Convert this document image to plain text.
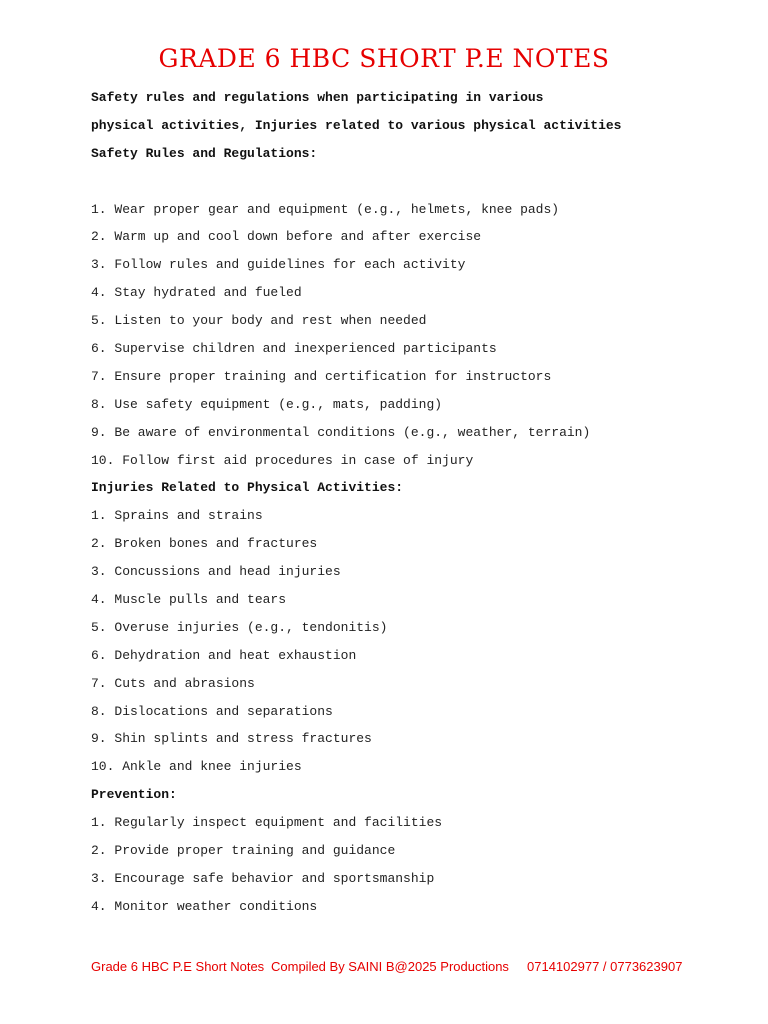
GRADE 6 HBC SHORT P.E NOTES
Safety rules and regulations when participating in various
physical activities, Injuries related to various physical activities
Safety Rules and Regulations:
1. Wear proper gear and equipment (e.g., helmets, knee pads)
2. Warm up and cool down before and after exercise
3. Follow rules and guidelines for each activity
4. Stay hydrated and fueled
5. Listen to your body and rest when needed
6. Supervise children and inexperienced participants
7. Ensure proper training and certification for instructors
8. Use safety equipment (e.g., mats, padding)
9. Be aware of environmental conditions (e.g., weather, terrain)
10. Follow first aid procedures in case of injury
Injuries Related to Physical Activities:
1. Sprains and strains
2. Broken bones and fractures
3. Concussions and head injuries
4. Muscle pulls and tears
5. Overuse injuries (e.g., tendonitis)
6. Dehydration and heat exhaustion
7. Cuts and abrasions
8. Dislocations and separations
9. Shin splints and stress fractures
10. Ankle and knee injuries
Prevention:
1. Regularly inspect equipment and facilities
2. Provide proper training and guidance
3. Encourage safe behavior and sportsmanship
4. Monitor weather conditions
Grade 6 HBC P.E Short Notes Compiled By SAINI B@2025 Productions 0714102977 / 0773623907
